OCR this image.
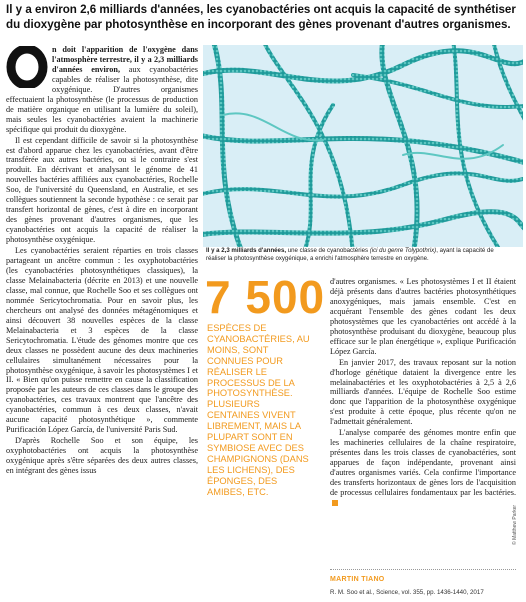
Il y a environ 2,6 milliards d'années, les cyanobactéries ont acquis la capacité de synthétiser du dioxygène par photosynthèse en incorporant des gènes provenant d'autres organismes.

n doit l'apparition de l'oxygène dans l'atmosphère terrestre, il y a 2,3 milliards d'années environ, aux cyanobactéries capables de réaliser la photosynthèse, dite oxygénique. D'autres organismes effectuaient la photosynthèse (le processus de production de matière organique en utilisant la lumière du soleil), mais seules les cyanobactéries avaient la machinerie spécifique qui produit du dioxygène.

Il est cependant difficile de savoir si la photosynthèse est d'abord apparue chez les cyanobactéries, avant d'être transférée aux autres bactéries, ou si le contraire s'est produit. En décrivant et analysant le génome de 41 nouvelles bactéries affiliées aux cyanobactéries, Rochelle Soo, de l'université du Queensland, en Australie, et ses collègues soutiennent la seconde hypothèse : ce serait par transfert horizontal de gènes, c'est à dire en incorporant des gènes provenant d'autres organismes, que les cyanobactéries ont acquis la capacité de réaliser la photosynthèse oxygénique.

Les cyanobactéries seraient réparties en trois classes partageant un ancêtre commun : les oxyphotobactéries (les cyanobactéries photosynthétiques classiques), la classe Melainabacteria (décrite en 2013) et une nouvelle classe, mal connue, que Rochelle Soo et ses collègues ont nommée Sericytochromatia. Pour en savoir plus, les chercheurs ont analysé des données métagénomiques et ainsi découvert 38 nouvelles espèces de la classe Melainabacteria et 3 espèces de la classe Sericytochromatia. L'étude des génomes montre que ces deux classes ne possèdent aucune des deux machineries cellulaires simultanément nécessaires pour la photosynthèse oxygénique, à savoir les photosystèmes I et II. « Bien qu'on puisse remettre en cause la classification proposée par les auteurs de ces classes dans le groupe des cyanobactéries, ces travaux montrent que l'ancêtre des cyanobactéries, commun à ces deux classes, n'avait aucune capacité photosynthétique », commente Purificación López García, de l'université Paris Sud.

D'après Rochelle Soo et son équipe, les oxyphotobactéries ont acquis la photosynthèse oxygénique après s'être séparées des deux autres classes, en intégrant des gènes issus

Il y a 2,3 milliards d'années, une classe de cyanobactéries (ici du genre Tolypothrix), ayant la capacité de réaliser la photosynthèse oxygénique, a enrichi l'atmosphère terrestre en oxygène.
7 500

ESPÈCES DE CYANOBACTÉRIES, AU MOINS, SONT CONNUES POUR RÉALISER LE PROCESSUS DE LA PHOTOSYNTHÈSE. PLUSIEURS CENTAINES VIVENT LIBREMENT, MAIS LA PLUPART SONT EN SYMBIOSE AVEC DES CHAMPIGNONS (DANS LES LICHENS), DES ÉPONGES, DES AMIBES, ETC.

d'autres organismes. « Les photosystèmes I et II étaient déjà présents dans d'autres bactéries photosynthétiques anoxygéniques, mais jamais ensemble. C'est en acquérant l'ensemble des gènes codant les deux photosystèmes que les cyanobactéries ont accédé à la photosynthèse produisant du dioxygène, beaucoup plus efficace sur le plan énergétique », explique Purificación López García.

En janvier 2017, des travaux reposant sur la notion d'horloge génétique dataient la divergence entre les melainabactéries et les oxyphotobactéries à 2,5 à 2,6 milliards d'années. L'équipe de Rochelle Soo estime donc que l'apparition de la photosynthèse oxygénique s'est produite à cette époque, plus récente qu'on ne l'admettait généralement.

L'analyse comparée des génomes montre enfin que les machineries cellulaires de la chaîne respiratoire, présentes dans les trois classes de cyanobactéries, sont apparues de façon indépendante, provenant ainsi d'autres organismes variés. Cela confirme l'importance des transferts horizontaux de gènes lors de l'acquisition de processus cellulaires fondamentaux par les bactéries.

MARTIN TIANO
R. M. Soo et al., Science, vol. 355, pp. 1436-1440, 2017
© Matthew Parker
